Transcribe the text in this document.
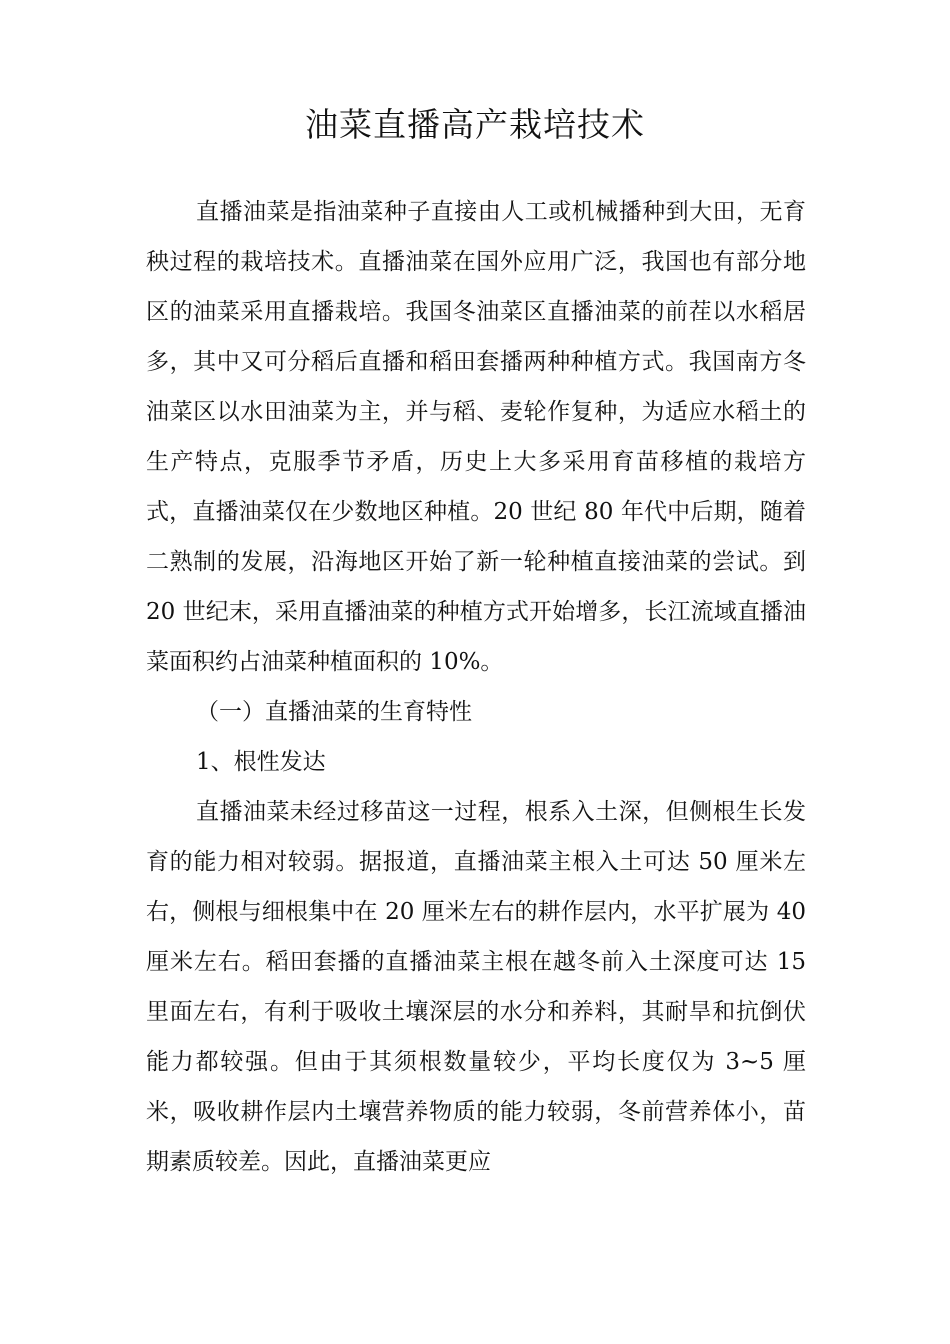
油菜直播高产栽培技术

直播油菜是指油菜种子直接由人工或机械播种到大田，无育秧过程的栽培技术。直播油菜在国外应用广泛，我国也有部分地区的油菜采用直播栽培。我国冬油菜区直播油菜的前茬以水稻居多，其中又可分稻后直播和稻田套播两种种植方式。我国南方冬油菜区以水田油菜为主，并与稻、麦轮作复种，为适应水稻土的生产特点，克服季节矛盾，历史上大多采用育苗移植的栽培方式，直播油菜仅在少数地区种植。20 世纪 80 年代中后期，随着二熟制的发展，沿海地区开始了新一轮种植直接油菜的尝试。到 20 世纪末，采用直播油菜的种植方式开始增多，长江流域直播油菜面积约占油菜种植面积的 10%。

（一）直播油菜的生育特性

1、根性发达

直播油菜未经过移苗这一过程，根系入土深，但侧根生长发育的能力相对较弱。据报道，直播油菜主根入土可达 50 厘米左右，侧根与细根集中在 20 厘米左右的耕作层内，水平扩展为 40 厘米左右。稻田套播的直播油菜主根在越冬前入土深度可达 15 里面左右，有利于吸收土壤深层的水分和养料，其耐旱和抗倒伏能力都较强。但由于其须根数量较少，平均长度仅为 3~5 厘米，吸收耕作层内土壤营养物质的能力较弱，冬前营养体小，苗期素质较差。因此，直播油菜更应
